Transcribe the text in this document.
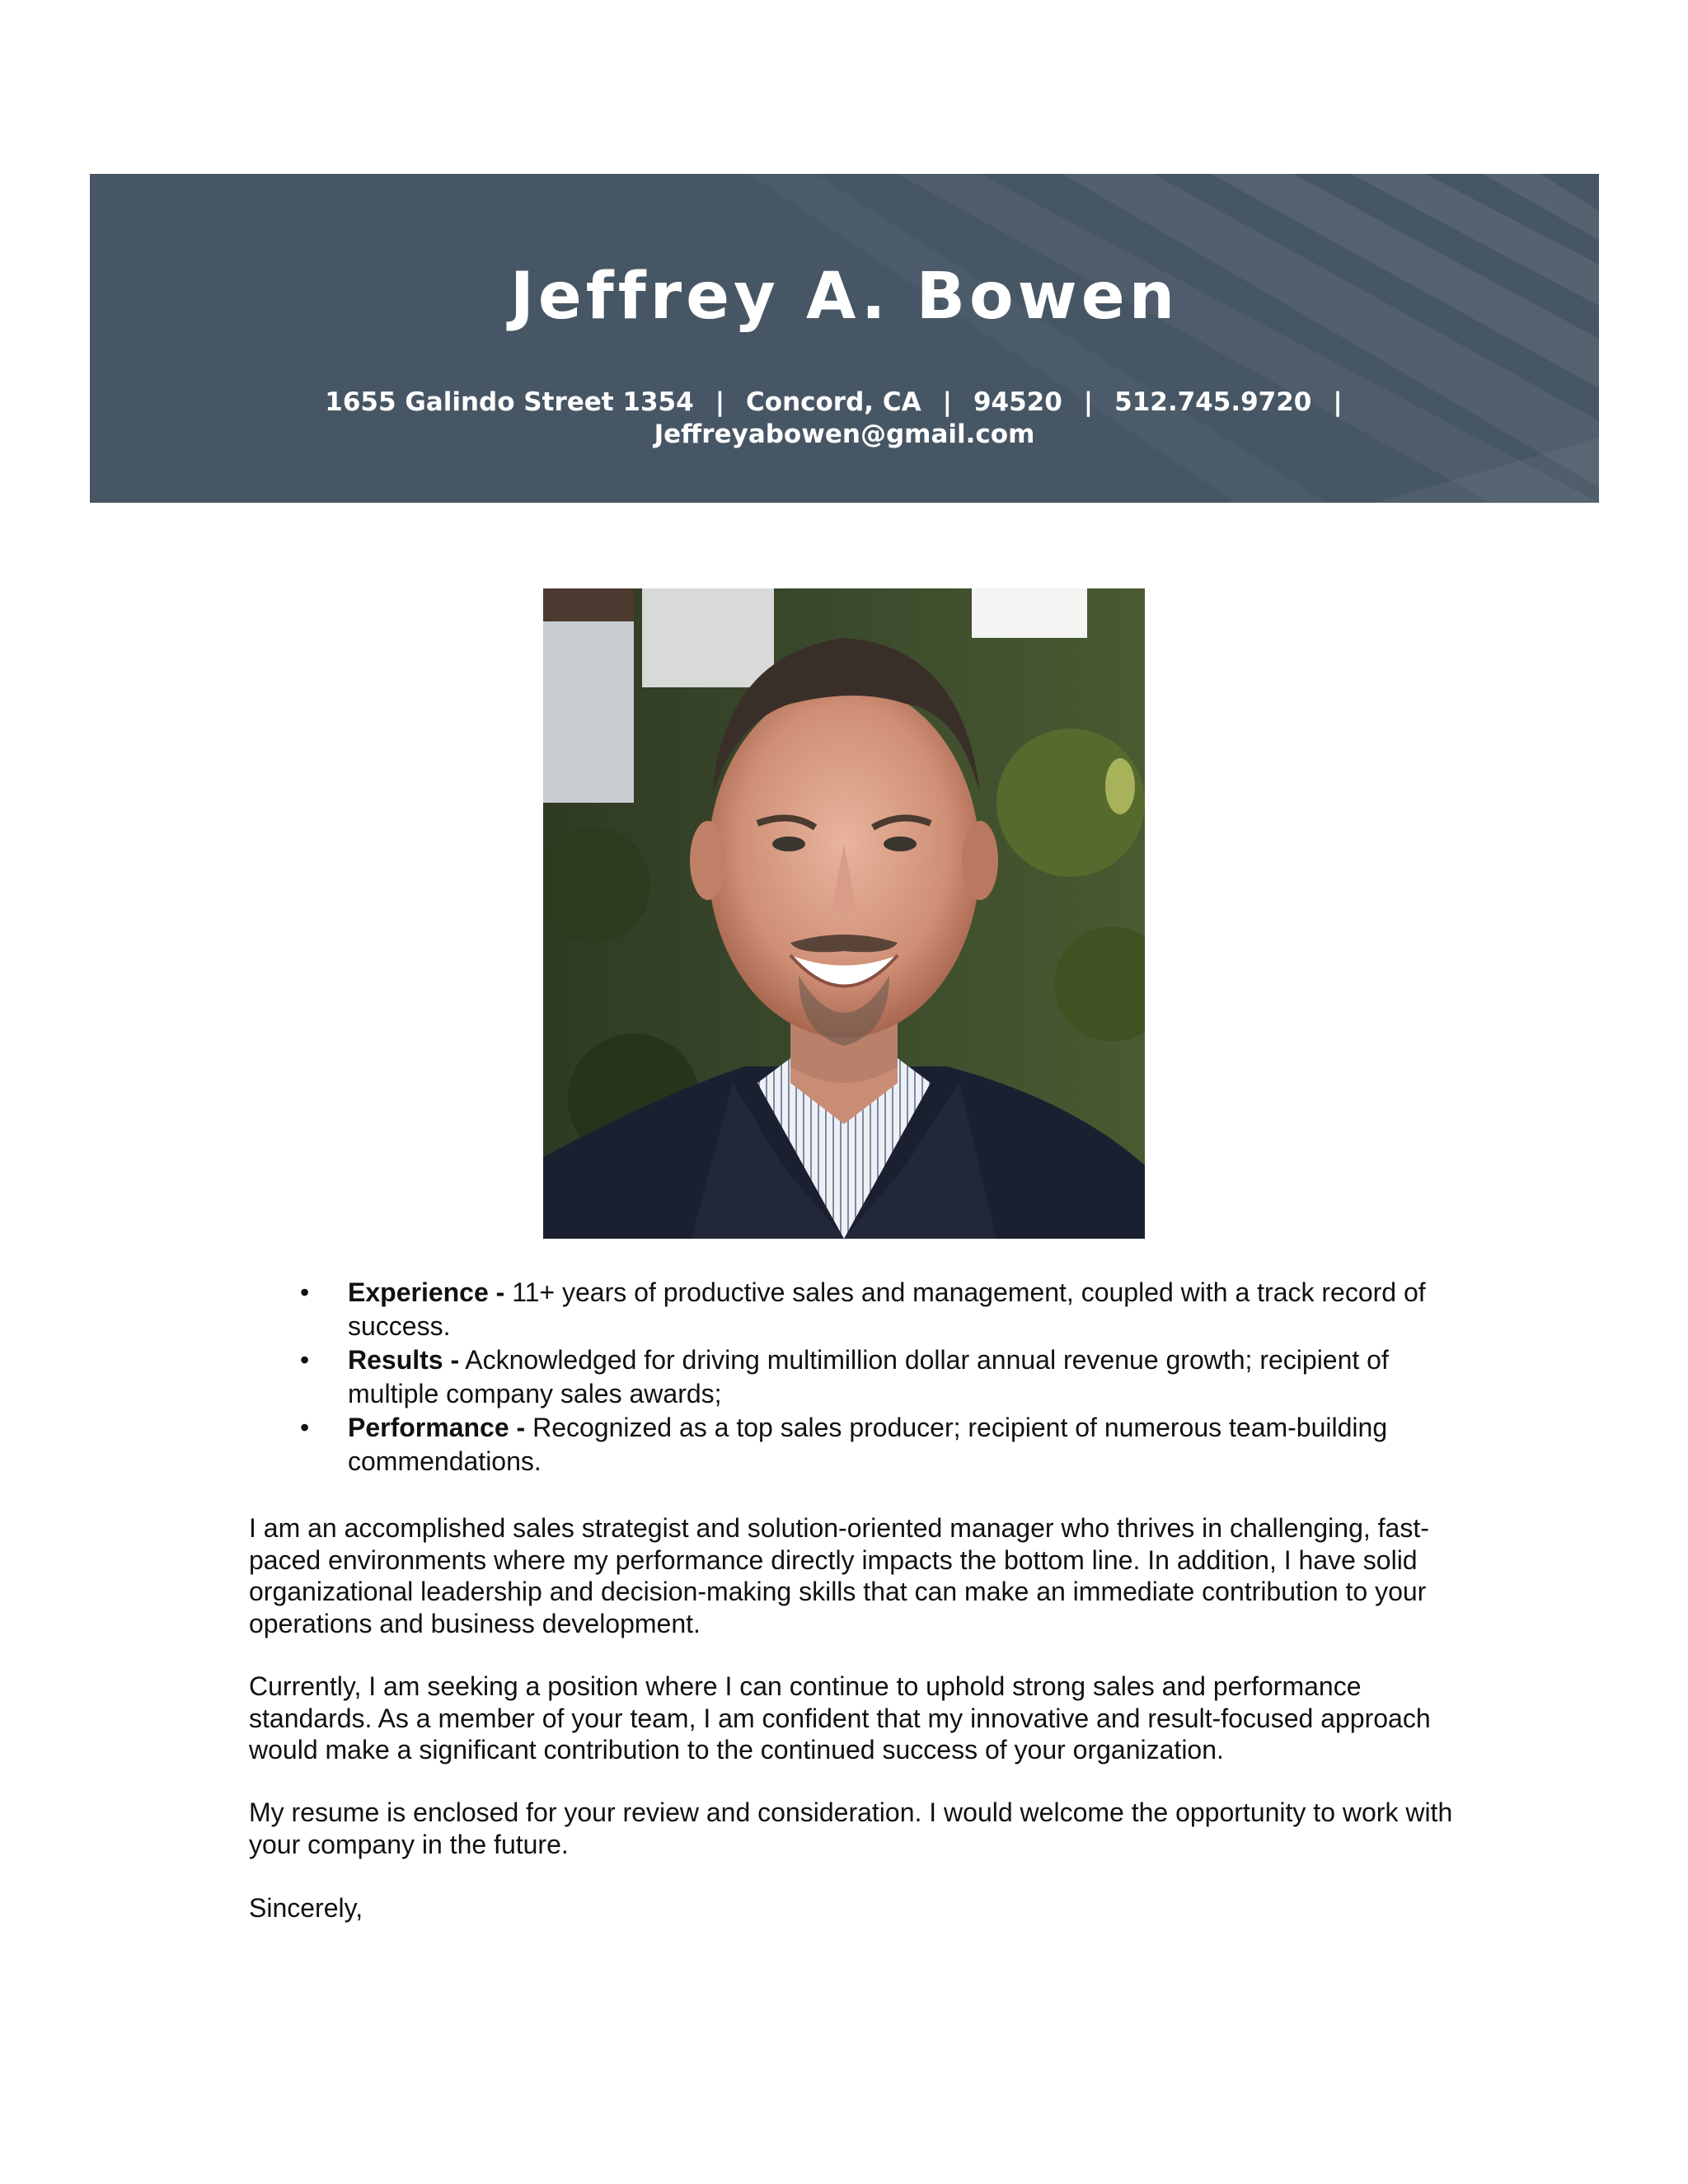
Jeffrey A. Bowen
1655 Galindo Street 1354 | Concord, CA | 94520 | 512.745.9720 |
Jeffreyabowen@gmail.com
• Experience - 11+ years of productive sales and management, coupled with a track record of success.
• Results - Acknowledged for driving multimillion dollar annual revenue growth; recipient of multiple company sales awards;
• Performance - Recognized as a top sales producer; recipient of numerous team-building commendations.

I am an accomplished sales strategist and solution-oriented manager who thrives in challenging, fast-paced environments where my performance directly impacts the bottom line. In addition, I have solid organizational leadership and decision-making skills that can make an immediate contribution to your operations and business development.

Currently, I am seeking a position where I can continue to uphold strong sales and performance standards. As a member of your team, I am confident that my innovative and result-focused approach would make a significant contribution to the continued success of your organization.

My resume is enclosed for your review and consideration. I would welcome the opportunity to work with your company in the future.

Sincerely,
